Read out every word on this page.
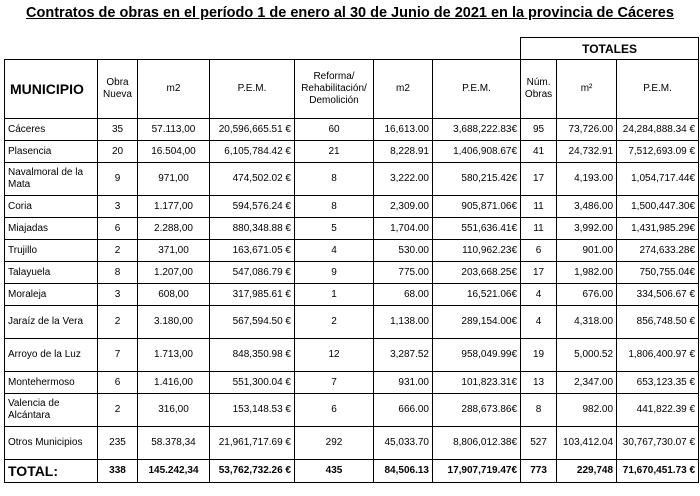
Contratos de obras en el período 1 de enero al 30 de Junio de 2021 en la provincia de Cáceres
							TOTALES		
MUNICIPIO	Obra Nueva	m2	P.E.M.	Reforma/ Rehabilitación/ Demolición	m2	P.E.M.	Núm. Obras	m²	P.E.M.
Cáceres	35	57.113,00	20,596,665.51 €	60	16,613.00	3,688,222.83€	95	73,726.00	24,284,888.34 €
Plasencia	20	16.504,00	6,105,784.42 €	21	8,228.91	1,406,908.67€	41	24,732.91	7,512,693.09 €
Navalmoral de la Mata	9	971,00	474,502.02 €	8	3,222.00	580,215.42€	17	4,193.00	1,054,717.44€
Coria	3	1.177,00	594,576.24 €	8	2,309.00	905,871.06€	11	3,486.00	1,500,447.30€
Miajadas	6	2.288,00	880,348.88 €	5	1,704.00	551,636.41€	11	3,992.00	1,431,985.29€
Trujillo	2	371,00	163,671.05 €	4	530.00	110,962.23€	6	901.00	274,633.28€
Talayuela	8	1.207,00	547,086.79 €	9	775.00	203,668.25€	17	1,982.00	750,755.04€
Moraleja	3	608,00	317,985.61 €	1	68.00	16,521.06€	4	676.00	334,506.67 €
Jaraíz de la Vera	2	3.180,00	567,594.50 €	2	1,138.00	289,154.00€	4	4,318.00	856,748.50 €
Arroyo de la Luz	7	1.713,00	848,350.98 €	12	3,287.52	958,049.99€	19	5,000.52	1,806,400.97 €
Montehermoso	6	1.416,00	551,300.04 €	7	931.00	101,823.31€	13	2,347.00	653,123.35 €
Valencia de Alcántara	2	316,00	153,148.53 €	6	666.00	288,673.86€	8	982.00	441,822.39 €
Otros Municipios	235	58.378,34	21,961,717.69 €	292	45,033.70	8,806,012.38€	527	103,412.04	30,767,730.07 €
TOTAL:	338	145.242,34	53,762,732.26 €	435	84,506.13	17,907,719.47€	773	229,748	71,670,451.73 €
